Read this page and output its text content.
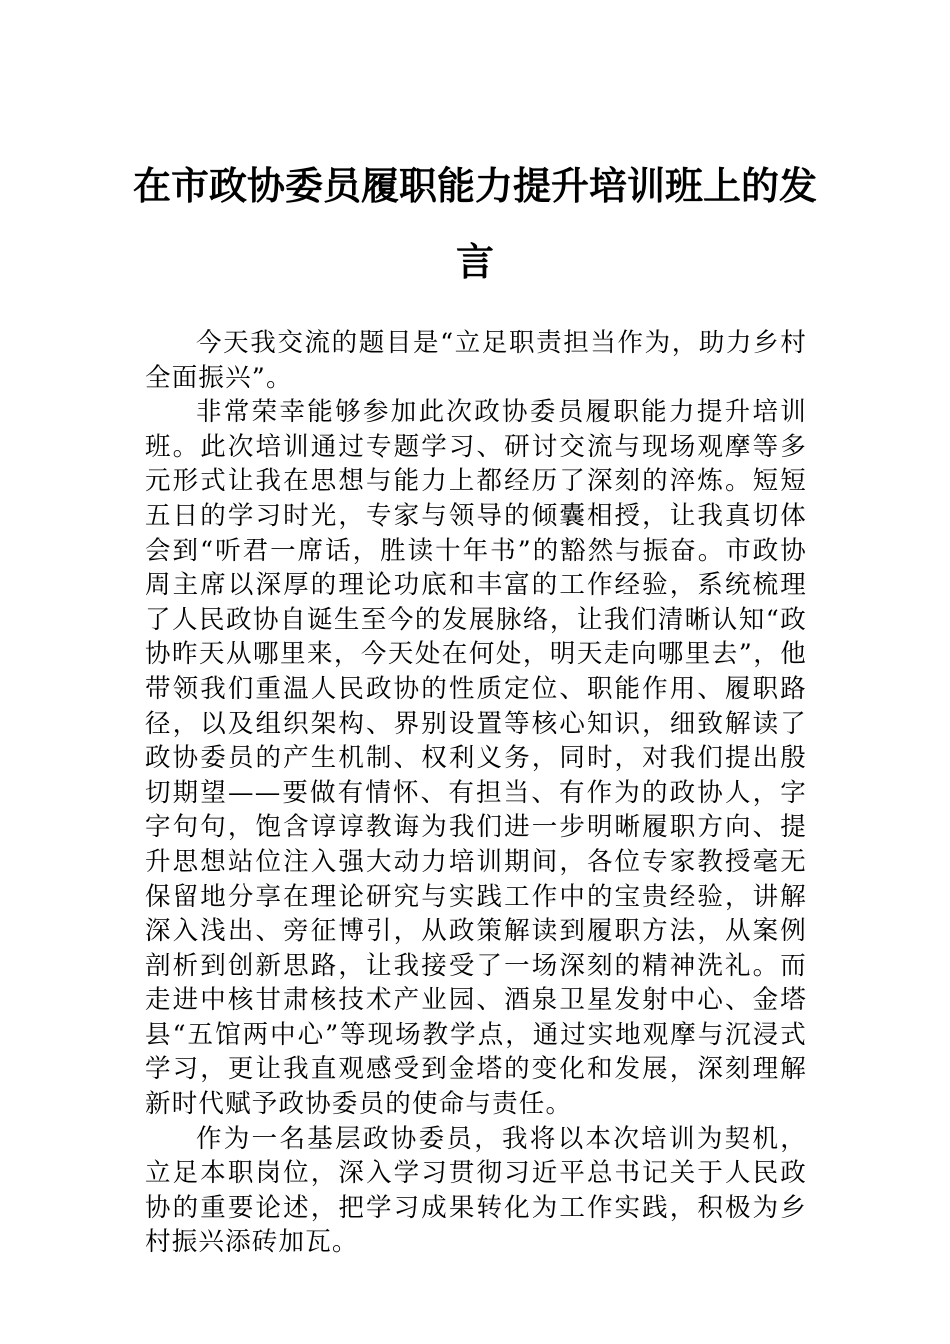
在市政协委员履职能力提升培训班上的发言

今天我交流的题目是“立足职责担当作为，助力乡村全面振兴”。

非常荣幸能够参加此次政协委员履职能力提升培训班。此次培训通过专题学习、研讨交流与现场观摩等多元形式让我在思想与能力上都经历了深刻的淬炼。短短五日的学习时光，专家与领导的倾囊相授，让我真切体会到“听君一席话，胜读十年书”的豁然与振奋。市政协周主席以深厚的理论功底和丰富的工作经验，系统梳理了人民政协自诞生至今的发展脉络，让我们清晰认知“政协昨天从哪里来，今天处在何处，明天走向哪里去”，他带领我们重温人民政协的性质定位、职能作用、履职路径，以及组织架构、界别设置等核心知识，细致解读了政协委员的产生机制、权利义务，同时，对我们提出殷切期望——要做有情怀、有担当、有作为的政协人，字字句句，饱含谆谆教诲为我们进一步明晰履职方向、提升思想站位注入强大动力培训期间，各位专家教授毫无保留地分享在理论研究与实践工作中的宝贵经验，讲解深入浅出、旁征博引，从政策解读到履职方法，从案例剖析到创新思路，让我接受了一场深刻的精神洗礼。而走进中核甘肃核技术产业园、酒泉卫星发射中心、金塔县“五馆两中心”等现场教学点，通过实地观摩与沉浸式学习，更让我直观感受到金塔的变化和发展，深刻理解新时代赋予政协委员的使命与责任。

作为一名基层政协委员，我将以本次培训为契机，立足本职岗位，深入学习贯彻习近平总书记关于人民政协的重要论述，把学习成果转化为工作实践，积极为乡村振兴添砖加瓦。
